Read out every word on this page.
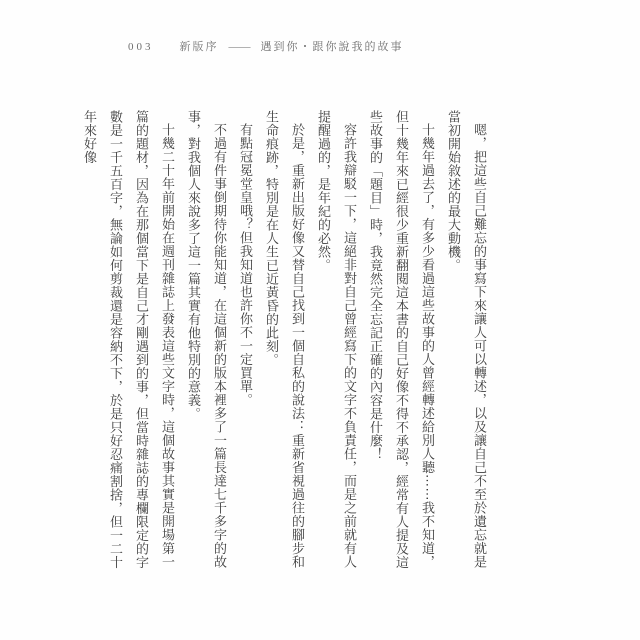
003 新版序 —— 遇到你・跟你說我的故事

嗯，把這些自己難忘的事寫下來讓人可以轉述，以及讓自己不至於遺忘就是當初開始敘述的最大動機。

十幾年過去了，有多少看過這些故事的人曾經轉述給別人聽⋯⋯我不知道，但十幾年來已經很少重新翻閱這本書的自己好像不得不承認，經常有人提及這些故事的「題目」時，我竟然完全忘記正確的內容是什麼！

容許我辯駁一下，這絕非對自己曾經寫下的文字不負責任，而是之前就有人提醒過的，是年紀的必然。

於是，重新出版好像又替自己找到一個自私的說法：重新省視過往的腳步和生命痕跡，特別是在人生已近黃昏的此刻。

有點冠冕堂皇哦？但我知道也許你不一定買單。

不過有件事倒期待你能知道，在這個新的版本裡多了一篇長達七千多字的故事，對我個人來說多了這一篇其實有他特別的意義。

十幾二十年前開始在週刊雜誌上發表這些文字時，這個故事其實是開場第一篇的題材，因為在那個當下是自己才剛遇到的事，但當時雜誌的專欄限定的字數是一千五百字，無論如何剪裁還是容納不下，於是只好忍痛割捨，但一二十年來好像
